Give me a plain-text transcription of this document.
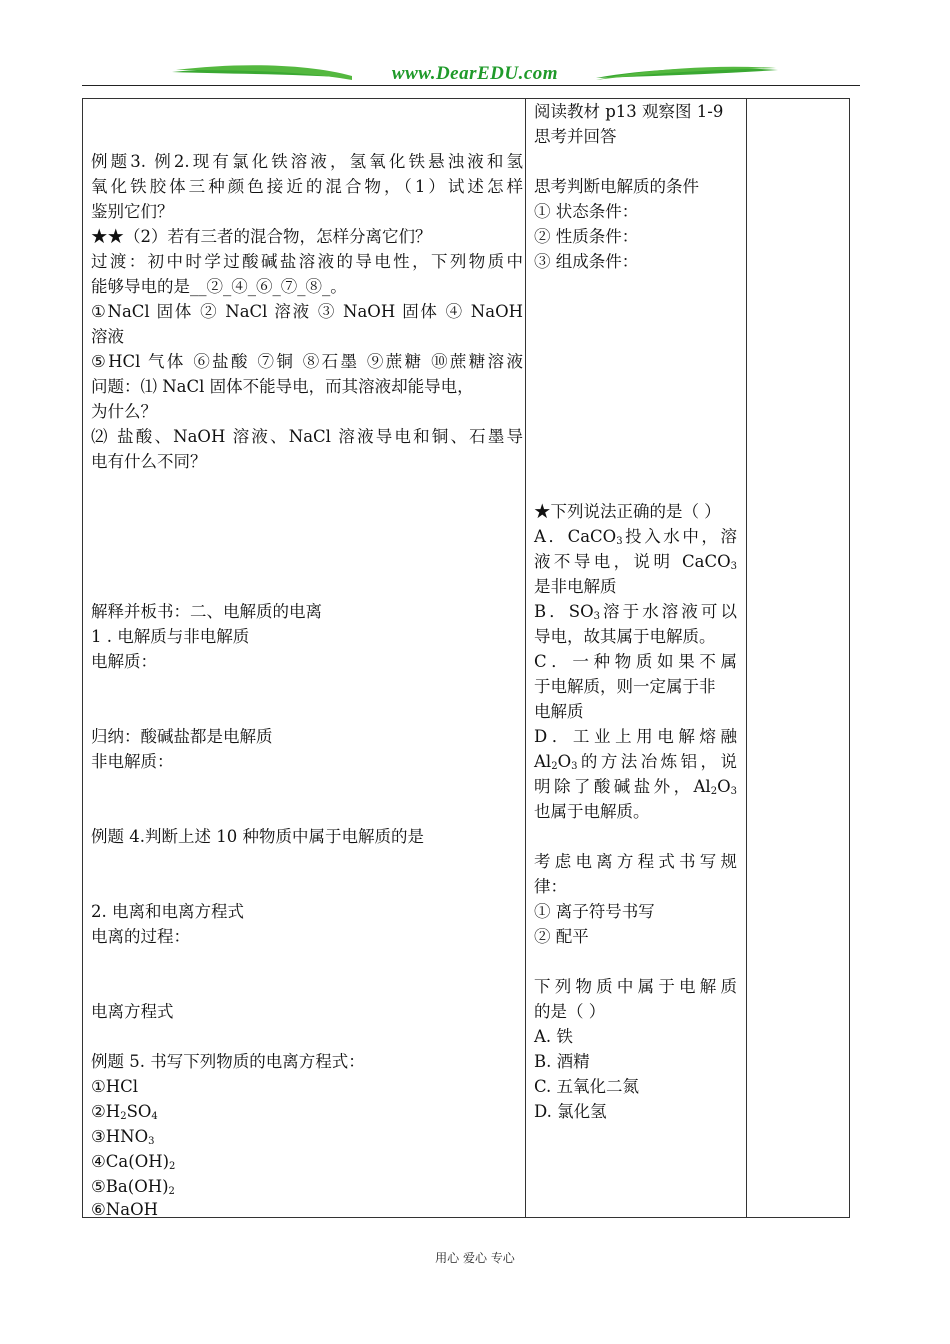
www.DearEDU.com
例题3. 例2.现有氯化铁溶液，氢氧化铁悬浊液和氢
氧化铁胶体三种颜色接近的混合物，（1）试述怎样
鉴别它们？
★★（2）若有三者的混合物，怎样分离它们？
过渡：初中时学过酸碱盐溶液的导电性，下列物质中
能够导电的是__②_④_⑥_⑦_⑧_。
①NaCl 固体 ② NaCl 溶液 ③ NaOH 固体 ④ NaOH
溶液
⑤HCl 气体 ⑥盐酸 ⑦铜 ⑧石墨 ⑨蔗糖 ⑩蔗糖溶液
问题：⑴ NaCl 固体不能导电，而其溶液却能导电，
为什么？
⑵ 盐酸、NaOH 溶液、NaCl 溶液导电和铜、石墨导
电有什么不同？
解释并板书：二、电解质的电离
1 . 电解质与非电解质
电解质：
归纳：酸碱盐都是电解质
非电解质：
例题 4.判断上述 10 种物质中属于电解质的是
2. 电离和电离方程式
电离的过程：
电离方程式
例题 5. 书写下列物质的电离方程式：
①HCl
$②H_2SO_4$
$③HNO_3$
$④Ca(OH)_2$
$⑤Ba(OH)_2$
⑥NaOH
阅读教材 p13 观察图 1-9
思考并回答
思考判断电解质的条件
① 状态条件：
② 性质条件：
③ 组成条件：
★下列说法正确的是（ ）
A．CaCO$_3$投入水中，溶
液不导电，说明 CaCO$_3$
是非电解质
B．$SO_3$溶于水溶液可以
导电，故其属于电解质。
C．一种物质如果不属
于电解质，则一定属于非
电解质
D．工业上用电解熔融
$Al_2O_3$的方法冶炼铝，说
明除了酸碱盐外，$Al_2O_3$
也属于电解质。
考虑电离方程式书写规
律：
① 离子符号书写
② 配平
下列物质中属于电解质
的是（ ）
A. 铁
B. 酒精
C. 五氧化二氮
D. 氯化氢
用心 爱心 专心
